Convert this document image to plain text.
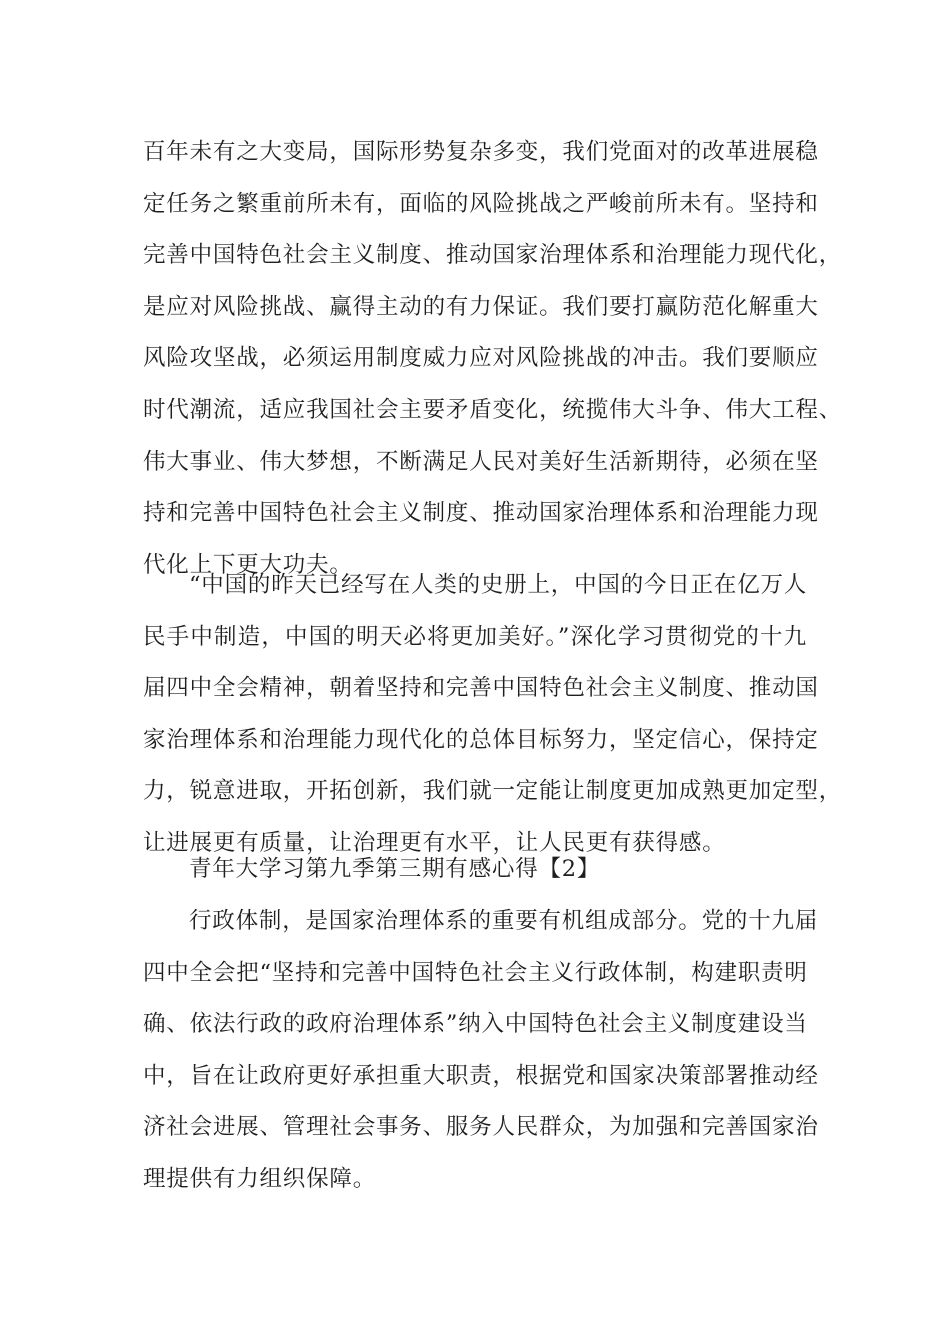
百年未有之大变局，国际形势复杂多变，我们党面对的改革进展稳
定任务之繁重前所未有，面临的风险挑战之严峻前所未有。坚持和
完善中国特色社会主义制度、推动国家治理体系和治理能力现代化，
是应对风险挑战、赢得主动的有力保证。我们要打赢防范化解重大
风险攻坚战，必须运用制度威力应对风险挑战的冲击。我们要顺应
时代潮流，适应我国社会主要矛盾变化，统揽伟大斗争、伟大工程、
伟大事业、伟大梦想，不断满足人民对美好生活新期待，必须在坚
持和完善中国特色社会主义制度、推动国家治理体系和治理能力现
代化上下更大功夫。
“中国的昨天已经写在人类的史册上，中国的今日正在亿万人
民手中制造，中国的明天必将更加美好。”深化学习贯彻党的十九
届四中全会精神，朝着坚持和完善中国特色社会主义制度、推动国
家治理体系和治理能力现代化的总体目标努力，坚定信心，保持定
力，锐意进取，开拓创新，我们就一定能让制度更加成熟更加定型，
让进展更有质量，让治理更有水平，让人民更有获得感。
青年大学习第九季第三期有感心得【2】
行政体制，是国家治理体系的重要有机组成部分。党的十九届
四中全会把“坚持和完善中国特色社会主义行政体制，构建职责明
确、依法行政的政府治理体系”纳入中国特色社会主义制度建设当
中，旨在让政府更好承担重大职责，根据党和国家决策部署推动经
济社会进展、管理社会事务、服务人民群众，为加强和完善国家治
理提供有力组织保障。
